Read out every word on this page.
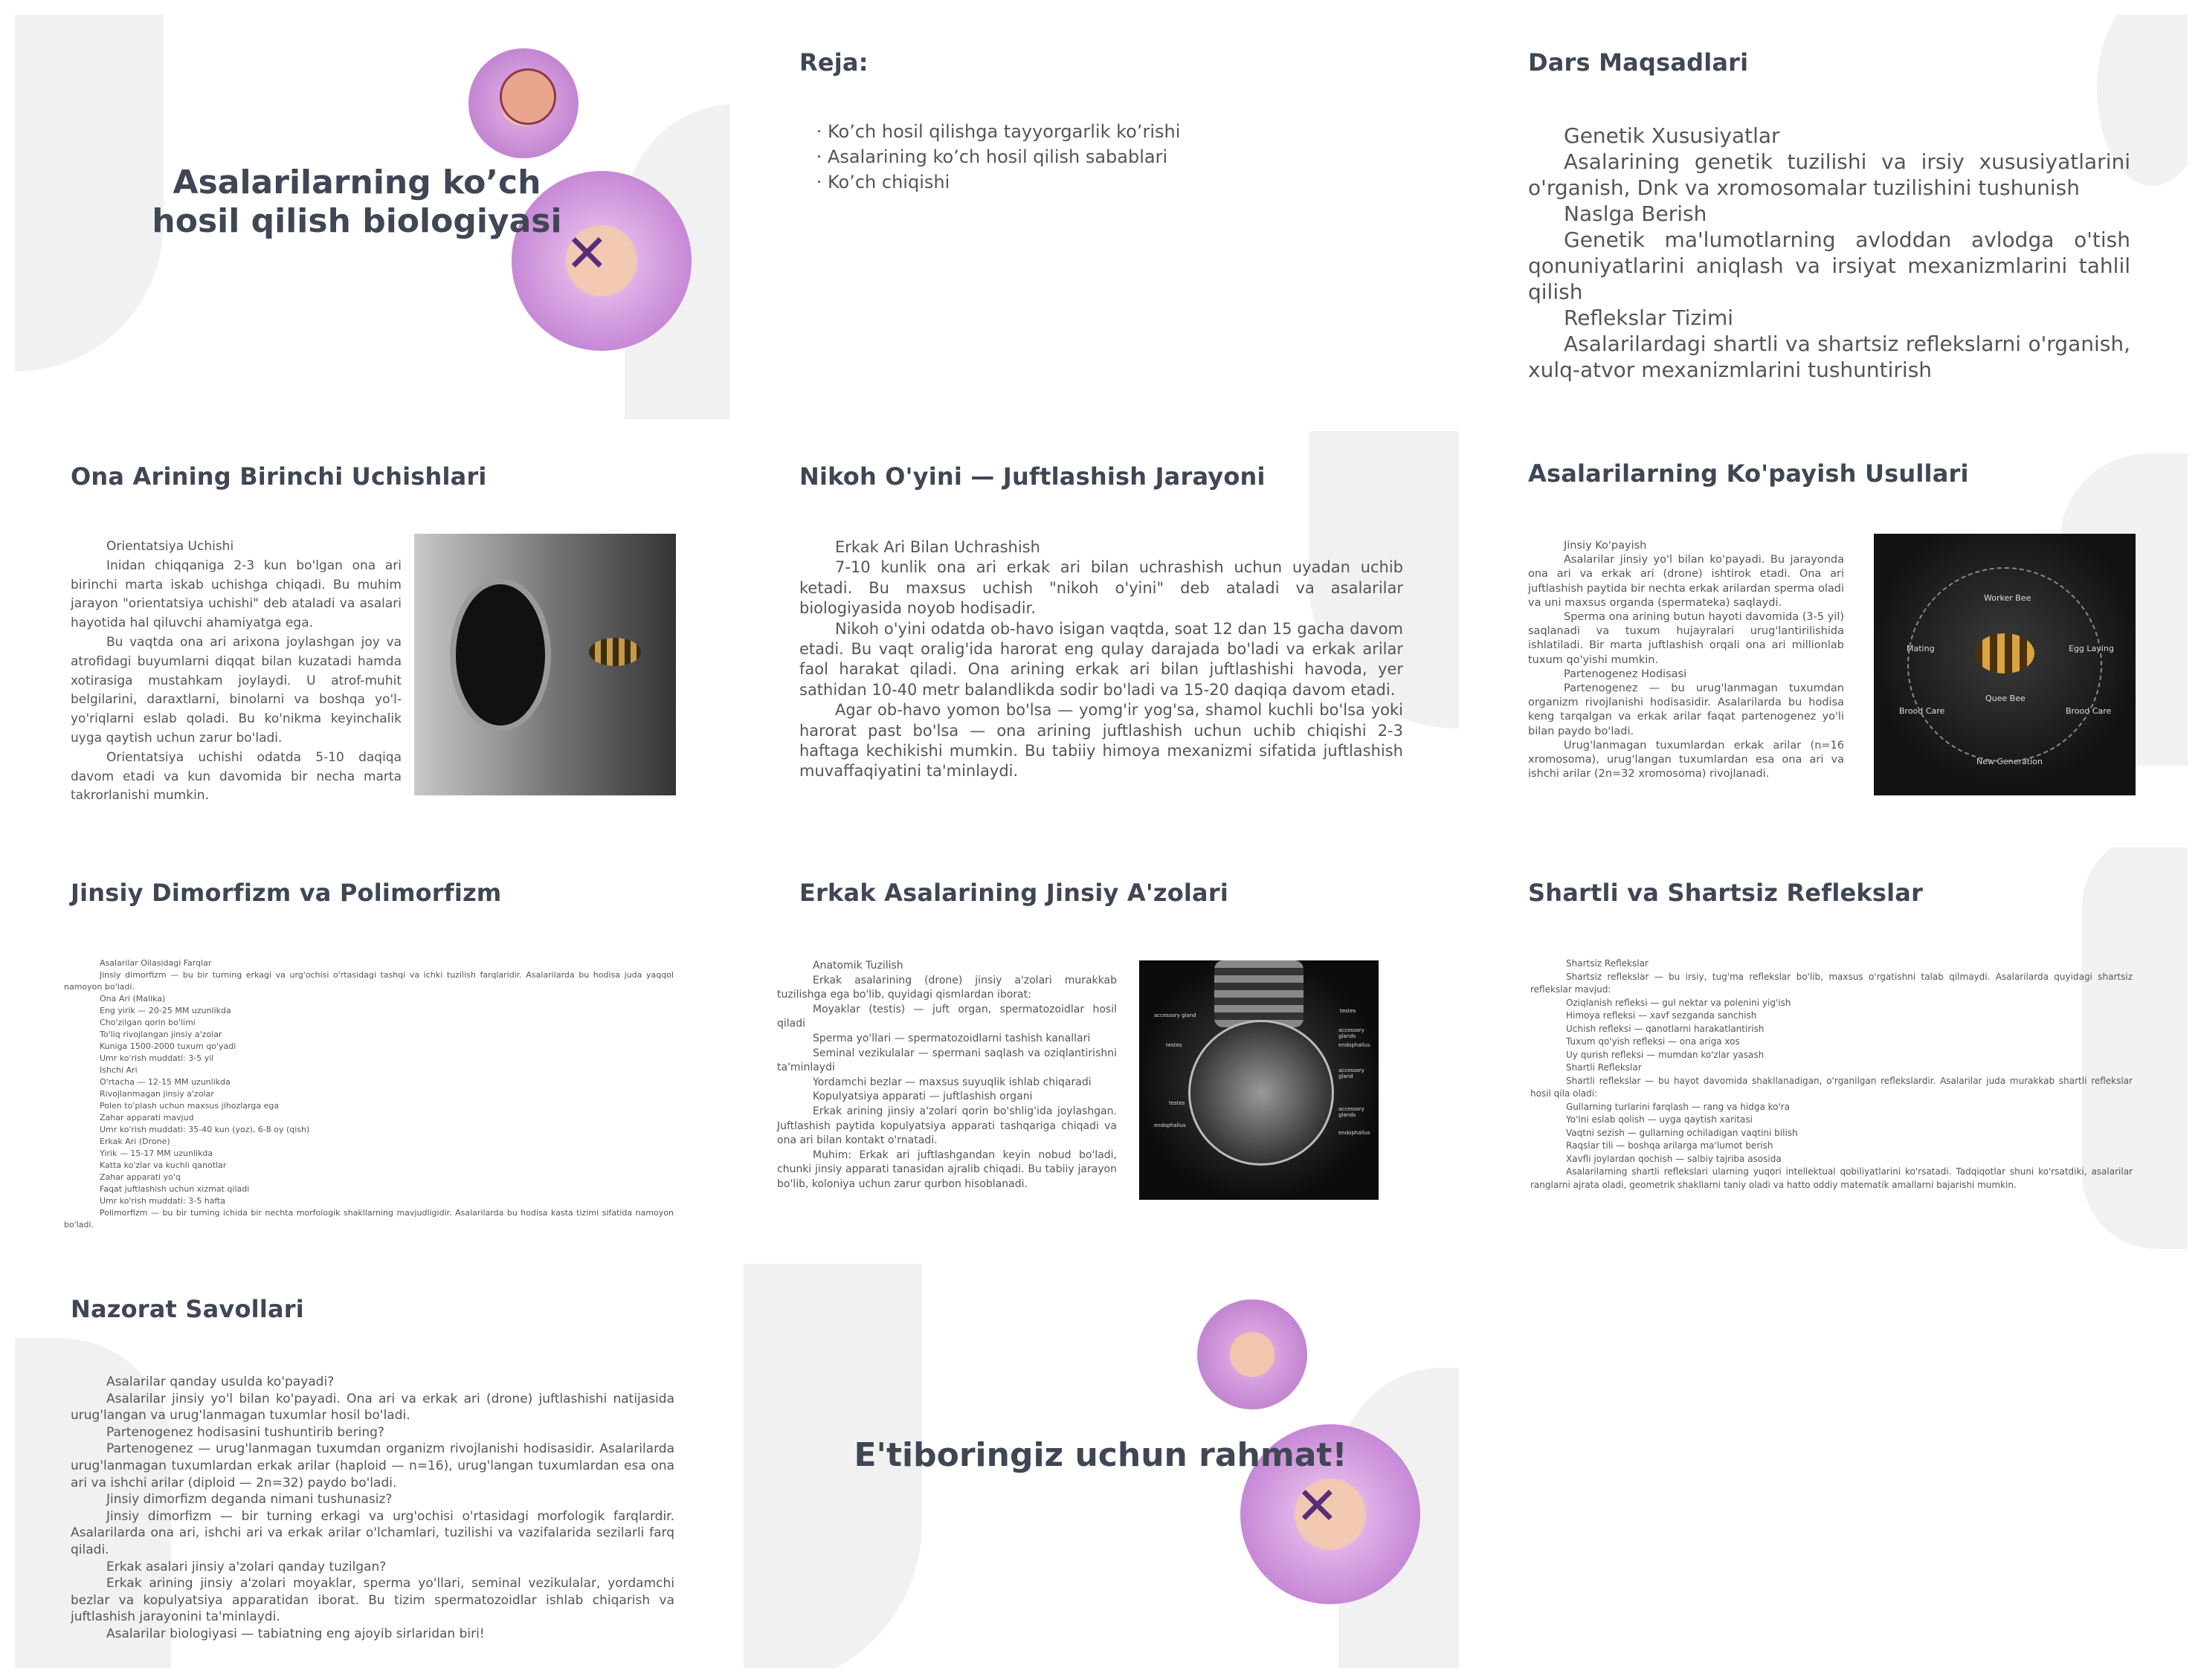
✕
Asalarilarning ko’ch hosil qilish biologiyasi
Reja:
· Ko’ch hosil qilishga tayyorgarlik ko’rishi
· Asalarining ko’ch hosil qilish sabablari
· Ko’ch chiqishi
Dars Maqsadlari

Genetik Xususiyatlar

Asalarining genetik tuzilishi va irsiy xususiyatlarini o'rganish, Dnk va xromosomalar tuzilishini tushunish

Naslga Berish

Genetik ma'lumotlarning avloddan avlodga o'tish qonuniyatlarini aniqlash va irsiyat mexanizmlarini tahlil qilish

Reflekslar Tizimi

Asalarilardagi shartli va shartsiz reflekslarni o'rganish, xulq-atvor mexanizmlarini tushuntirish

Ona Arining Birinchi Uchishlari

Orientatsiya Uchishi

Inidan chiqqaniga 2-3 kun bo'lgan ona ari birinchi marta iskab uchishga chiqadi. Bu muhim jarayon "orientatsiya uchishi" deb ataladi va asalari hayotida hal qiluvchi ahamiyatga ega.

Bu vaqtda ona ari arixona joylashgan joy va atrofidagi buyumlarni diqqat bilan kuzatadi hamda xotirasiga mustahkam joylaydi. U atrof-muhit belgilarini, daraxtlarni, binolarni va boshqa yo'l-yo'riqlarni eslab qoladi. Bu ko'nikma keyinchalik uyga qaytish uchun zarur bo'ladi.

Orientatsiya uchishi odatda 5-10 daqiqa davom etadi va kun davomida bir necha marta takrorlanishi mumkin.

Nikoh O'yini — Juftlashish Jarayoni

Erkak Ari Bilan Uchrashish

7-10 kunlik ona ari erkak ari bilan uchrashish uchun uyadan uchib ketadi. Bu maxsus uchish "nikoh o'yini" deb ataladi va asalarilar biologiyasida noyob hodisadir.

Nikoh o'yini odatda ob-havo isigan vaqtda, soat 12 dan 15 gacha davom etadi. Bu vaqt oralig'ida harorat eng qulay darajada bo'ladi va erkak arilar faol harakat qiladi. Ona arining erkak ari bilan juftlashishi havoda, yer sathidan 10-40 metr balandlikda sodir bo'ladi va 15-20 daqiqa davom etadi.

Agar ob-havo yomon bo'lsa — yomg'ir yog'sa, shamol kuchli bo'lsa yoki harorat past bo'lsa — ona arining juftlashish uchun uchib chiqishi 2-3 haftaga kechikishi mumkin. Bu tabiiy himoya mexanizmi sifatida juftlashish muvaffaqiyatini ta'minlaydi.

Asalarilarning Ko'payish Usullari

Jinsiy Ko'payish

Asalarilar jinsiy yo'l bilan ko'payadi. Bu jarayonda ona ari va erkak ari (drone) ishtirok etadi. Ona ari juftlashish paytida bir nechta erkak arilardan sperma oladi va uni maxsus organda (spermateka) saqlaydi.

Sperma ona arining butun hayoti davomida (3-5 yil) saqlanadi va tuxum hujayralari urug'lantirilishida ishlatiladi. Bir marta juftlashish orqali ona ari millionlab tuxum qo'yishi mumkin.

Partenogenez Hodisasi

Partenogenez — bu urug'lanmagan tuxumdan organizm rivojlanishi hodisasidir. Asalarilarda bu hodisa keng tarqalgan va erkak arilar faqat partenogenez yo'li bilan paydo bo'ladi.

Urug'lanmagan tuxumlardan erkak arilar (n=16 xromosoma), urug'langan tuxumlardan esa ona ari va ishchi arilar (2n=32 xromosoma) rivojlanadi.

Quee Bee
Worker Bee
Egg Laying
Brood Care
New Generation
Brood Care
Mating
Jinsiy Dimorfizm va Polimorfizm

Asalarilar Oilasidagi Farqlar

Jinsiy dimorfizm — bu bir turning erkagi va urg'ochisi o'rtasidagi tashqi va ichki tuzilish farqlaridir. Asalarilarda bu hodisa juda yaqqol namoyon bo'ladi.

Ona Ari (Malika)

Eng yirik — 20-25 MM uzunlikda

Cho'zilgan qorin bo'limi

To'liq rivojlangan jinsiy a'zolar

Kuniga 1500-2000 tuxum qo'yadi

Umr ko'rish muddati: 3-5 yil

Ishchi Ari

O'rtacha — 12-15 MM uzunlikda

Rivojlanmagan jinsiy a'zolar

Polen to'plash uchun maxsus jihozlarga ega

Zahar apparati mavjud

Umr ko'rish muddati: 35-40 kun (yoz), 6-8 oy (qish)

Erkak Ari (Drone)

Yirik — 15-17 MM uzunlikda

Katta ko'zlar va kuchli qanotlar

Zahar apparati yo'q

Faqat juftlashish uchun xizmat qiladi

Umr ko'rish muddati: 3-5 hafta

Polimorfizm — bu bir turning ichida bir nechta morfologik shakllarning mavjudligidir. Asalarilarda bu hodisa kasta tizimi sifatida namoyon bo'ladi.

Erkak Asalarining Jinsiy A'zolari

Anatomik Tuzilish

Erkak asalarining (drone) jinsiy a'zolari murakkab tuzilishga ega bo'lib, quyidagi qismlardan iborat:

Moyaklar (testis) — juft organ, spermatozoidlar hosil qiladi

Sperma yo'llari — spermatozoidlarni tashish kanallari

Seminal vezikulalar — spermani saqlash va oziqlantirishni ta'minlaydi

Yordamchi bezlar — maxsus suyuqlik ishlab chiqaradi

Kopulyatsiya apparati — juftlashish organi

Erkak arining jinsiy a'zolari qorin bo'shlig'ida joylashgan. Juftlashish paytida kopulyatsiya apparati tashqariga chiqadi va ona ari bilan kontakt o'rnatadi.

Muhim: Erkak ari juftlashgandan keyin nobud bo'ladi, chunki jinsiy apparati tanasidan ajralib chiqadi. Bu tabiiy jarayon bo'lib, koloniya uchun zarur qurbon hisoblanadi.

accessory gland
testes
testes
accessory glands
endophallus
accessory gland
testes
endophallus
accessory glands
endophallus
Shartli va Shartsiz Reflekslar

Shartsiz Reflekslar

Shartsiz reflekslar — bu irsiy, tug'ma reflekslar bo'lib, maxsus o'rgatishni talab qilmaydi. Asalarilarda quyidagi shartsiz reflekslar mavjud:

Oziqlanish refleksi — gul nektar va polenini yig'ish

Himoya refleksi — xavf sezganda sanchish

Uchish refleksi — qanotlarni harakatlantirish

Tuxum qo'yish refleksi — ona ariga xos

Uy qurish refleksi — mumdan ko'zlar yasash

Shartli Reflekslar

Shartli reflekslar — bu hayot davomida shakllanadigan, o'rganilgan reflekslardir. Asalarilar juda murakkab shartli reflekslar hosil qila oladi:

Gullarning turlarini farqlash — rang va hidga ko'ra

Yo'lni eslab qolish — uyga qaytish xaritasi

Vaqtni sezish — gullarning ochiladigan vaqtini bilish

Raqslar tili — boshqa arilarga ma'lumot berish

Xavfli joylardan qochish — salbiy tajriba asosida

Asalarilarning shartli reflekslari ularning yuqori intellektual qobiliyatlarini ko'rsatadi. Tadqiqotlar shuni ko'rsatdiki, asalarilar ranglarni ajrata oladi, geometrik shakllarni taniy oladi va hatto oddiy matematik amallarni bajarishi mumkin.

Nazorat Savollari

Asalarilar qanday usulda ko'payadi?

Asalarilar jinsiy yo'l bilan ko'payadi. Ona ari va erkak ari (drone) juftlashishi natijasida urug'langan va urug'lanmagan tuxumlar hosil bo'ladi.

Partenogenez hodisasini tushuntirib bering?

Partenogenez — urug'lanmagan tuxumdan organizm rivojlanishi hodisasidir. Asalarilarda urug'lanmagan tuxumlardan erkak arilar (haploid — n=16), urug'langan tuxumlardan esa ona ari va ishchi arilar (diploid — 2n=32) paydo bo'ladi.

Jinsiy dimorfizm deganda nimani tushunasiz?

Jinsiy dimorfizm — bir turning erkagi va urg'ochisi o'rtasidagi morfologik farqlardir. Asalarilarda ona ari, ishchi ari va erkak arilar o'lchamlari, tuzilishi va vazifalarida sezilarli farq qiladi.

Erkak asalari jinsiy a'zolari qanday tuzilgan?

Erkak arining jinsiy a'zolari moyaklar, sperma yo'llari, seminal vezikulalar, yordamchi bezlar va kopulyatsiya apparatidan iborat. Bu tizim spermatozoidlar ishlab chiqarish va juftlashish jarayonini ta'minlaydi.

Asalarilar biologiyasi — tabiatning eng ajoyib sirlaridan biri!

✕
E'tiboringiz uchun rahmat!
